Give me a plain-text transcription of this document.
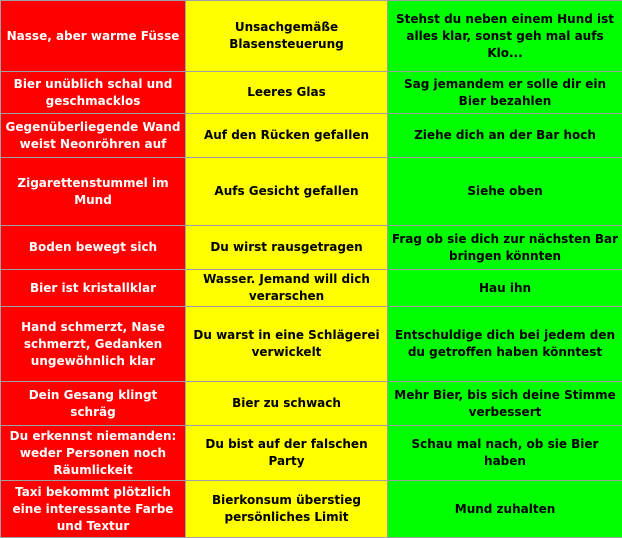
Nasse, aber warme Füsse	Unsachgemäße Blasensteuerung	Stehst du neben einem Hund ist alles klar, sonst geh mal aufs Klo...
Bier unüblich schal und geschmacklos	Leeres Glas	Sag jemandem er solle dir ein Bier bezahlen
Gegenüberliegende Wand weist Neonröhren auf	Auf den Rücken gefallen	Ziehe dich an der Bar hoch
Zigarettenstummel im Mund	Aufs Gesicht gefallen	Siehe oben
Boden bewegt sich	Du wirst rausgetragen	Frag ob sie dich zur nächsten Bar bringen könnten
Bier ist kristallklar	Wasser. Jemand will dich verarschen	Hau ihn
Hand schmerzt, Nase schmerzt, Gedanken ungewöhnlich klar	Du warst in eine Schlägerei verwickelt	Entschuldige dich bei jedem den du getroffen haben könntest
Dein Gesang klingt schräg	Bier zu schwach	Mehr Bier, bis sich deine Stimme verbessert
Du erkennst niemanden: weder Personen noch Räumlickeit	Du bist auf der falschen Party	Schau mal nach, ob sie Bier haben
Taxi bekommt plötzlich eine interessante Farbe und Textur	Bierkonsum überstieg persönliches Limit	Mund zuhalten
